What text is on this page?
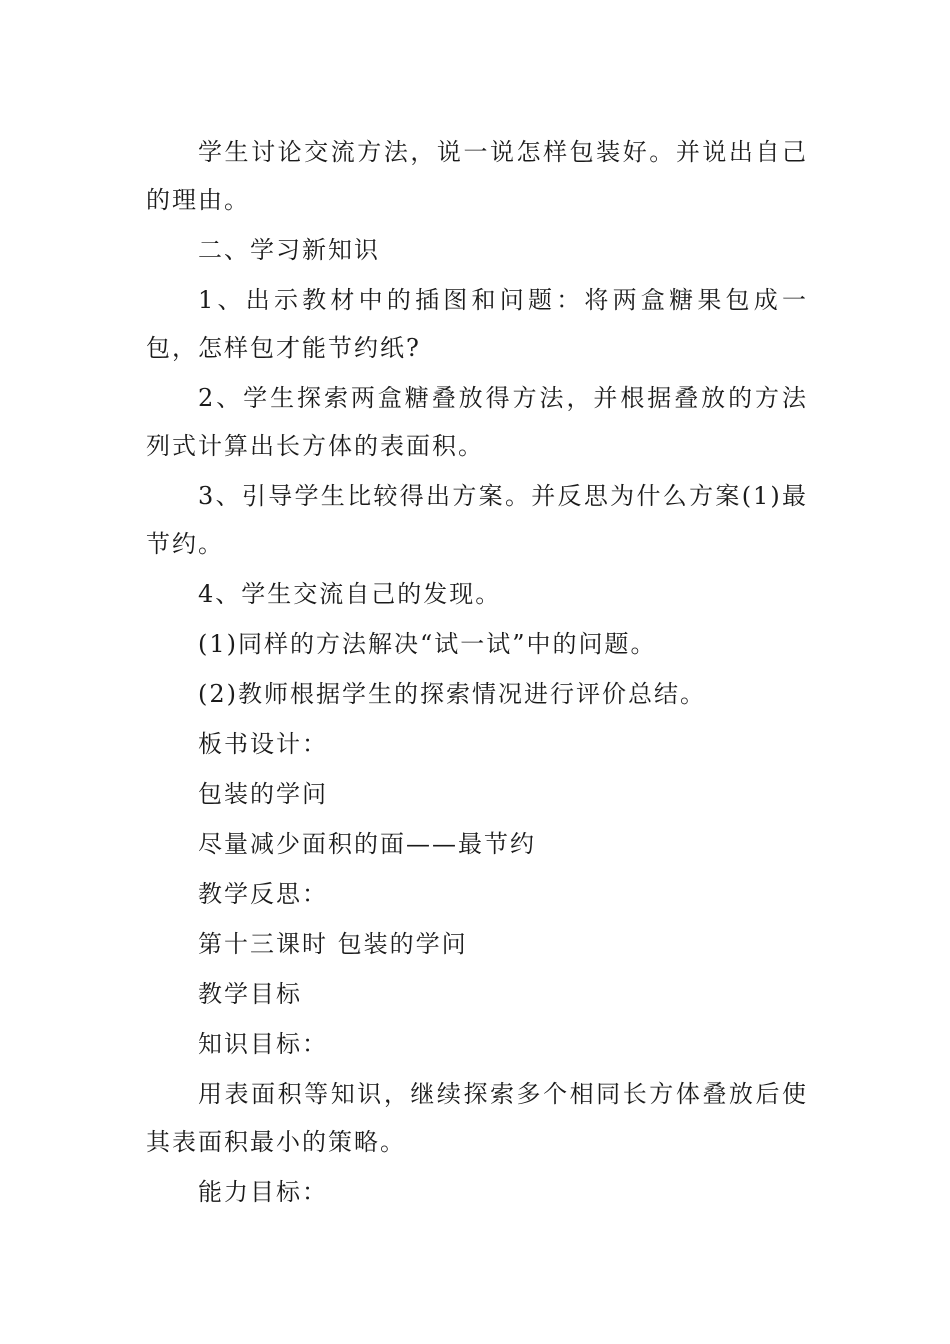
学生讨论交流方法，说一说怎样包装好。并说出自己的理由。

二、学习新知识

1、出示教材中的插图和问题：将两盒糖果包成一包，怎样包才能节约纸?

2、学生探索两盒糖叠放得方法，并根据叠放的方法列式计算出长方体的表面积。

3、引导学生比较得出方案。并反思为什么方案(1)最节约。

4、学生交流自己的发现。

(1)同样的方法解决“试一试”中的问题。

(2)教师根据学生的探索情况进行评价总结。

板书设计：

包装的学问

尽量减少面积的面——最节约

教学反思：

第十三课时 包装的学问

教学目标

知识目标：

用表面积等知识，继续探索多个相同长方体叠放后使其表面积最小的策略。

能力目标：
